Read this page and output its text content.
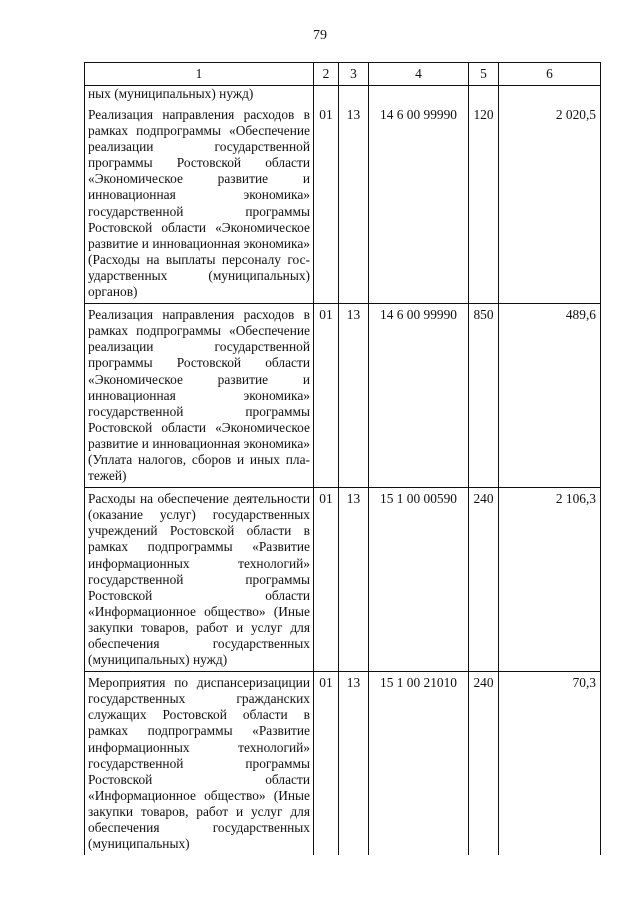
79
1	2	3	4	5	6
ных (муниципальных) нужд)					
Реализация направления расходов в рамках подпрограммы «Обеспечение реализации государственной программы Ростовской области «Экономическое развитие и инновационная экономика» государственной программы Ростовской области «Экономическое развитие и инновационная экономика» (Расходы на выплаты персоналу государственных (муниципальных) органов)	01	13	14 6 00 99990	120	2 020,5
Реализация направления расходов в рамках подпрограммы «Обеспечение реализации государственной программы Ростовской области «Экономическое развитие и инновационная экономика» государственной программы Ростовской области «Экономическое развитие и инновационная экономика» (Уплата налогов, сборов и иных платежей)	01	13	14 6 00 99990	850	489,6
Расходы на обеспечение деятельности (оказание услуг) государственных учреждений Ростовской области в рамках подпрограммы «Развитие информационных технологий» государственной программы Ростовской области «Информационное общество» (Иные закупки товаров, работ и услуг для обеспечения государственных (муниципальных) нужд)	01	13	15 1 00 00590	240	2 106,3
Мероприятия по диспансеризациции государственных гражданских служащих Ростовской области в рамках подпрограммы «Развитие информационных технологий» государственной программы Ростовской области «Информационное общество» (Иные закупки товаров, работ и услуг для обеспечения государственных (муниципальных)	01	13	15 1 00 21010	240	70,3
